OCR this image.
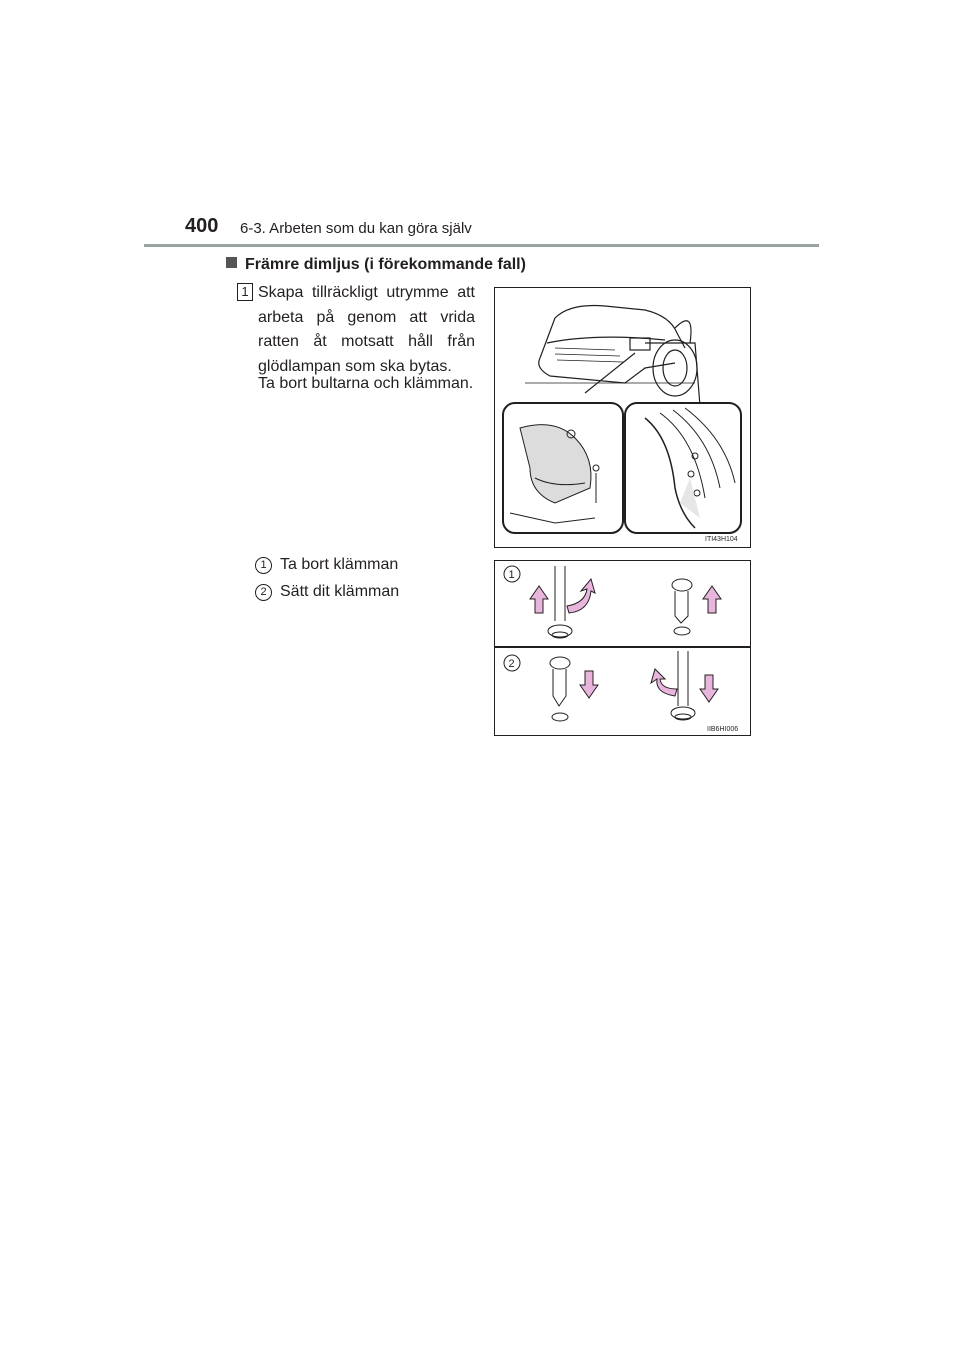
400 6-3. Arbeten som du kan göra själv
Främre dimljus (i förekommande fall)
1 Skapa tillräckligt utrymme att arbeta på genom att vrida ratten åt motsatt håll från glödlampan som ska bytas.
Ta bort bultarna och klämman.
ITI43H104
1 Ta bort klämman
2 Sätt dit klämman
1
2
IIB6HI006
